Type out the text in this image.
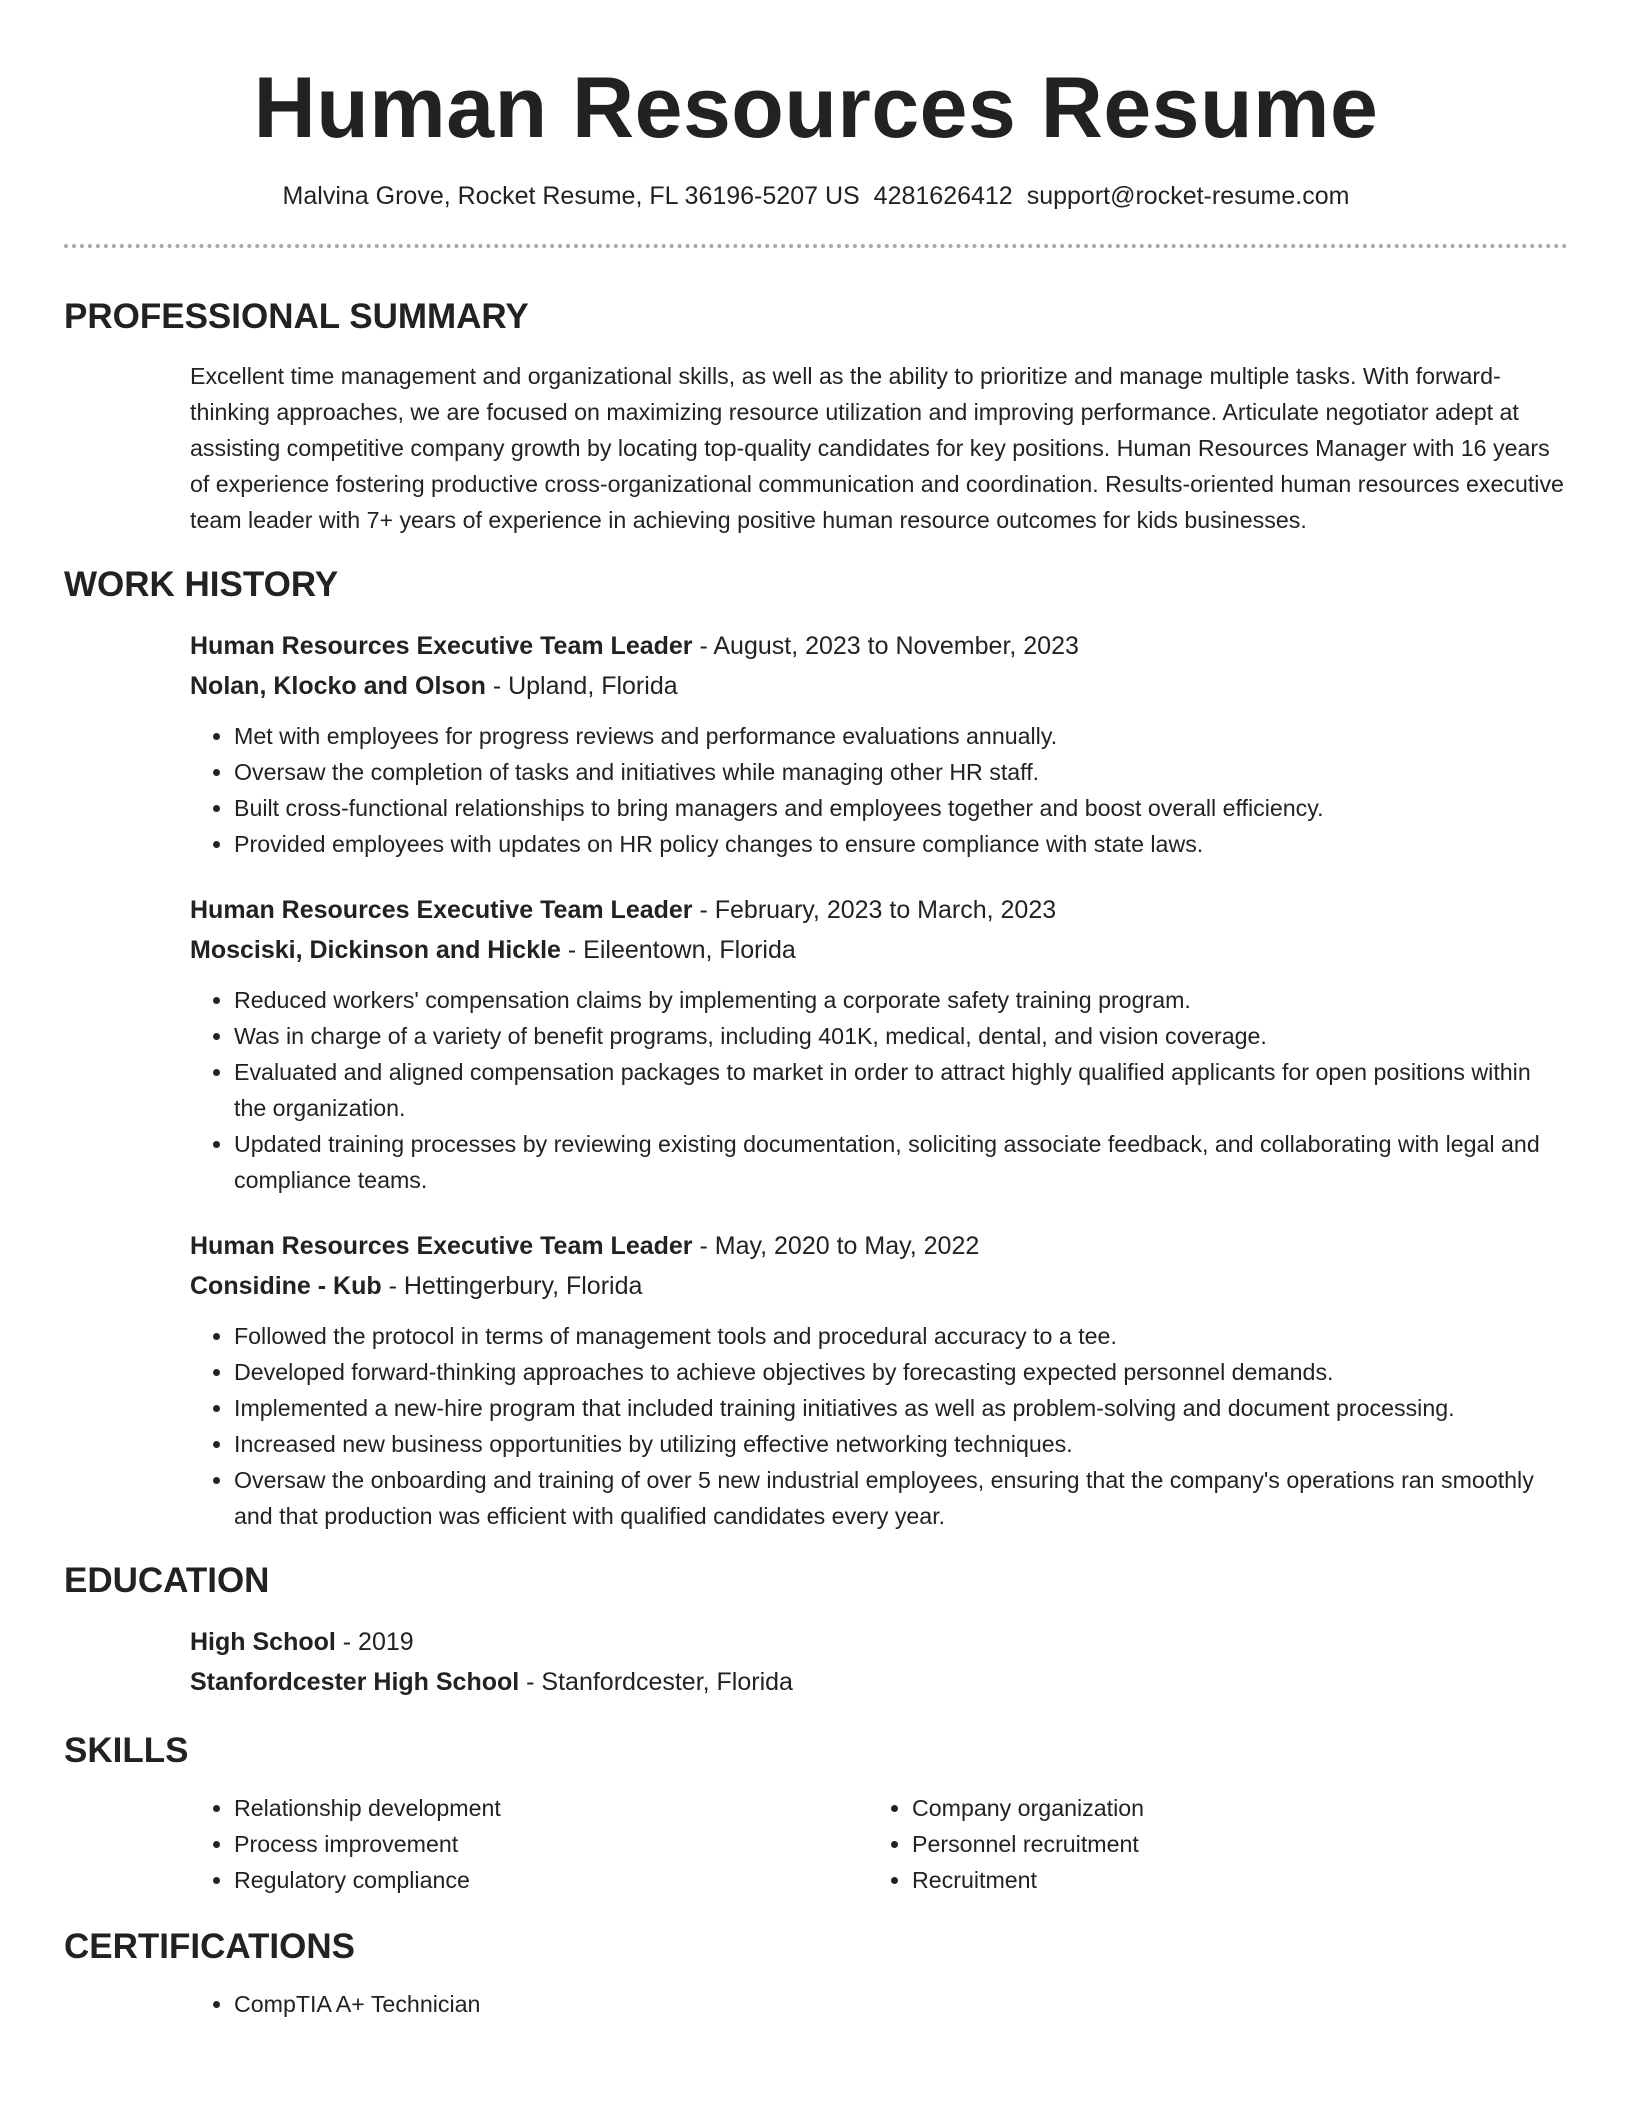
Human Resources Resume
Malvina Grove, Rocket Resume, FL 36196-5207 US 4281626412 support@rocket-resume.com
PROFESSIONAL SUMMARY
Excellent time management and organizational skills, as well as the ability to prioritize and manage multiple tasks. With forward-thinking approaches, we are focused on maximizing resource utilization and improving performance. Articulate negotiator adept at assisting competitive company growth by locating top-quality candidates for key positions. Human Resources Manager with 16 years of experience fostering productive cross-organizational communication and coordination. Results-oriented human resources executive team leader with 7+ years of experience in achieving positive human resource outcomes for kids businesses.
WORK HISTORY
Human Resources Executive Team Leader - August, 2023 to November, 2023
Nolan, Klocko and Olson - Upland, Florida
• Met with employees for progress reviews and performance evaluations annually.
• Oversaw the completion of tasks and initiatives while managing other HR staff.
• Built cross-functional relationships to bring managers and employees together and boost overall efficiency.
• Provided employees with updates on HR policy changes to ensure compliance with state laws.
Human Resources Executive Team Leader - February, 2023 to March, 2023
Mosciski, Dickinson and Hickle - Eileentown, Florida
• Reduced workers' compensation claims by implementing a corporate safety training program.
• Was in charge of a variety of benefit programs, including 401K, medical, dental, and vision coverage.
• Evaluated and aligned compensation packages to market in order to attract highly qualified applicants for open positions within the organization.
• Updated training processes by reviewing existing documentation, soliciting associate feedback, and collaborating with legal and compliance teams.
Human Resources Executive Team Leader - May, 2020 to May, 2022
Considine - Kub - Hettingerbury, Florida
• Followed the protocol in terms of management tools and procedural accuracy to a tee.
• Developed forward-thinking approaches to achieve objectives by forecasting expected personnel demands.
• Implemented a new-hire program that included training initiatives as well as problem-solving and document processing.
• Increased new business opportunities by utilizing effective networking techniques.
• Oversaw the onboarding and training of over 5 new industrial employees, ensuring that the company's operations ran smoothly and that production was efficient with qualified candidates every year.
EDUCATION
High School - 2019
Stanfordcester High School - Stanfordcester, Florida
SKILLS
• Relationship development
• Process improvement
• Regulatory compliance
• Company organization
• Personnel recruitment
• Recruitment
CERTIFICATIONS
• CompTIA A+ Technician
